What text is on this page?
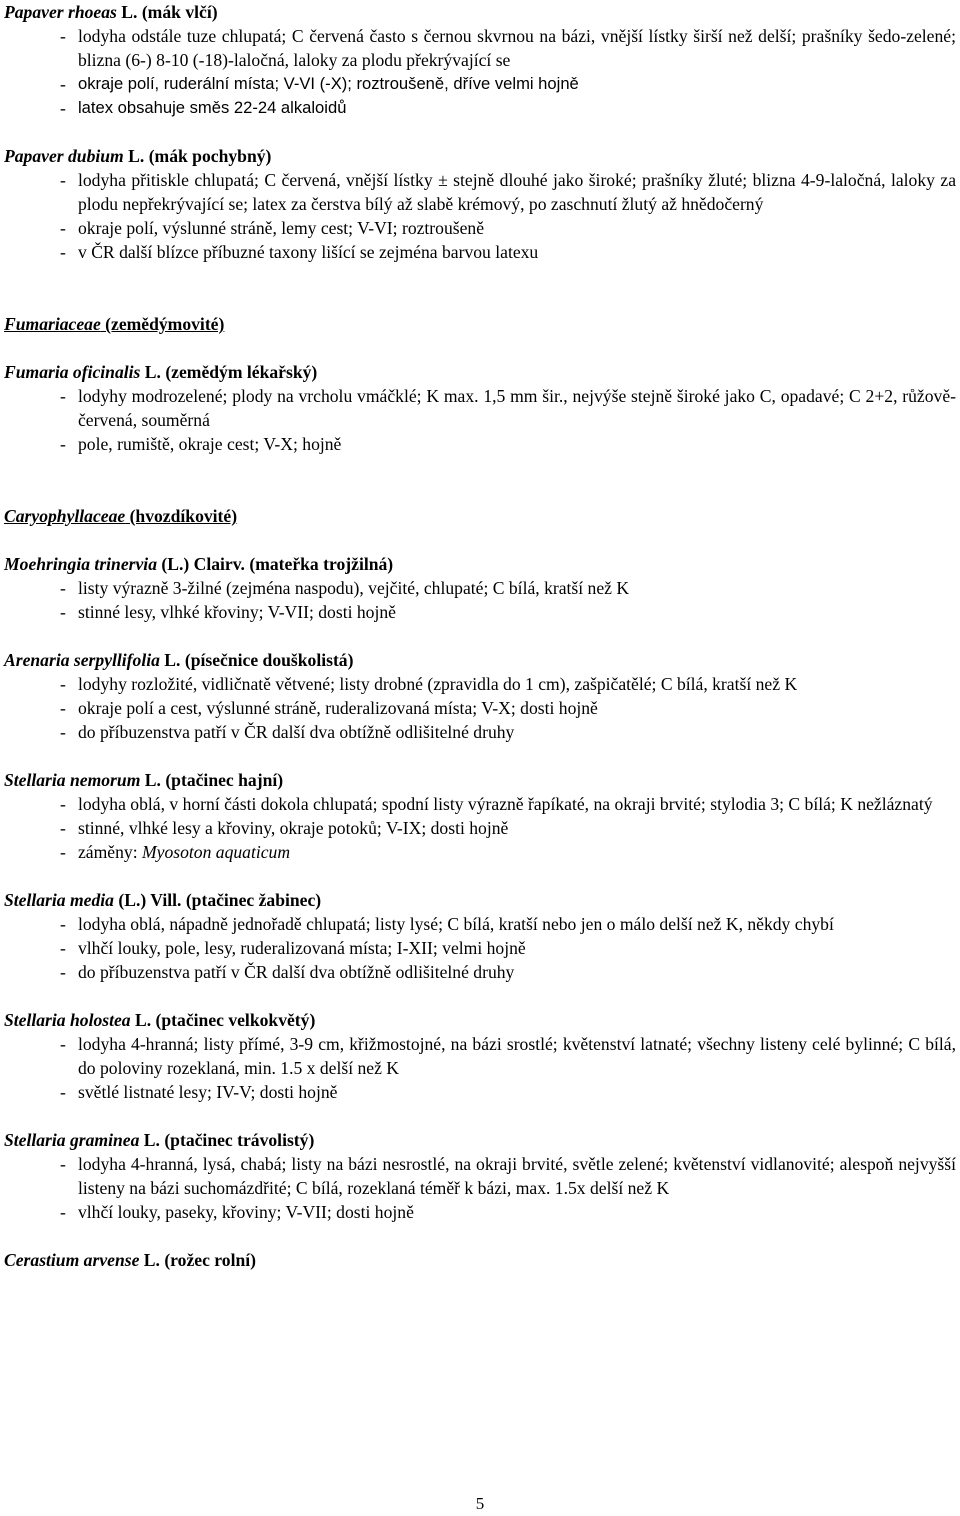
Papaver rhoeas L. (mák vlčí)

-
lodyha odstále tuze chlupatá; C červená často s černou skvrnou na bázi, vnější lístky širší než delší; prašníky šedo-zelené; blizna (6-) 8-10 (-18)-laločná, laloky za plodu překrývající se
-
okraje polí, ruderální místa; V-VI (-X); roztroušeně, dříve velmi hojně
-
latex obsahuje směs 22-24 alkaloidů

Papaver dubium L. (mák pochybný)

-
lodyha přitiskle chlupatá; C červená, vnější lístky ± stejně dlouhé jako široké; prašníky žluté; blizna 4-9-laločná, laloky za plodu nepřekrývající se; latex za čerstva bílý až slabě krémový, po zaschnutí žlutý až hnědočerný
-
okraje polí, výslunné stráně, lemy cest; V-VI; roztroušeně
-
v ČR další blízce příbuzné taxony lišící se zejména barvou latexu

Fumariaceae (zemědýmovité)

Fumaria oficinalis L. (zemědým lékařský)

-
lodyhy modrozelené; plody na vrcholu vmáčklé; K max. 1,5 mm šir., nejvýše stejně široké jako C, opadavé; C 2+2, růžově-červená, souměrná
-
pole, rumiště, okraje cest; V-X; hojně

Caryophyllaceae (hvozdíkovité)

Moehringia trinervia (L.) Clairv. (mateřka trojžilná)

-
listy výrazně 3-žilné (zejména naspodu), vejčité, chlupaté; C bílá, kratší než K
-
stinné lesy, vlhké křoviny; V-VII; dosti hojně

Arenaria serpyllifolia L. (písečnice douškolistá)

-
lodyhy rozložité, vidličnatě větvené; listy drobné (zpravidla do 1 cm), zašpičatělé; C bílá, kratší než K
-
okraje polí a cest, výslunné stráně, ruderalizovaná místa; V-X; dosti hojně
-
do příbuzenstva patří v ČR další dva obtížně odlišitelné druhy

Stellaria nemorum L. (ptačinec hajní)

-
lodyha oblá, v horní části dokola chlupatá; spodní listy výrazně řapíkaté, na okraji brvité; stylodia 3; C bílá; K nežláznatý
-
stinné, vlhké lesy a křoviny, okraje potoků; V-IX; dosti hojně
-
záměny: Myosoton aquaticum

Stellaria media (L.) Vill. (ptačinec žabinec)

-
lodyha oblá, nápadně jednořadě chlupatá; listy lysé; C bílá, kratší nebo jen o málo delší než K, někdy chybí
-
vlhčí louky, pole, lesy, ruderalizovaná místa; I-XII; velmi hojně
-
do příbuzenstva patří v ČR další dva obtížně odlišitelné druhy

Stellaria holostea L. (ptačinec velkokvětý)

-
lodyha 4-hranná; listy přímé, 3-9 cm, křižmostojné, na bázi srostlé; květenství latnaté; všechny listeny celé bylinné; C bílá, do poloviny rozeklaná, min. 1.5 x delší než K
-
světlé listnaté lesy; IV-V; dosti hojně

Stellaria graminea L. (ptačinec trávolistý)

-
lodyha 4-hranná, lysá, chabá; listy na bázi nesrostlé, na okraji brvité, světle zelené; květenství vidlanovité; alespoň nejvyšší listeny na bázi suchomázdřité; C bílá, rozeklaná téměř k bázi, max. 1.5x delší než K
-
vlhčí louky, paseky, křoviny; V-VII; dosti hojně

Cerastium arvense L. (rožec rolní)

5
